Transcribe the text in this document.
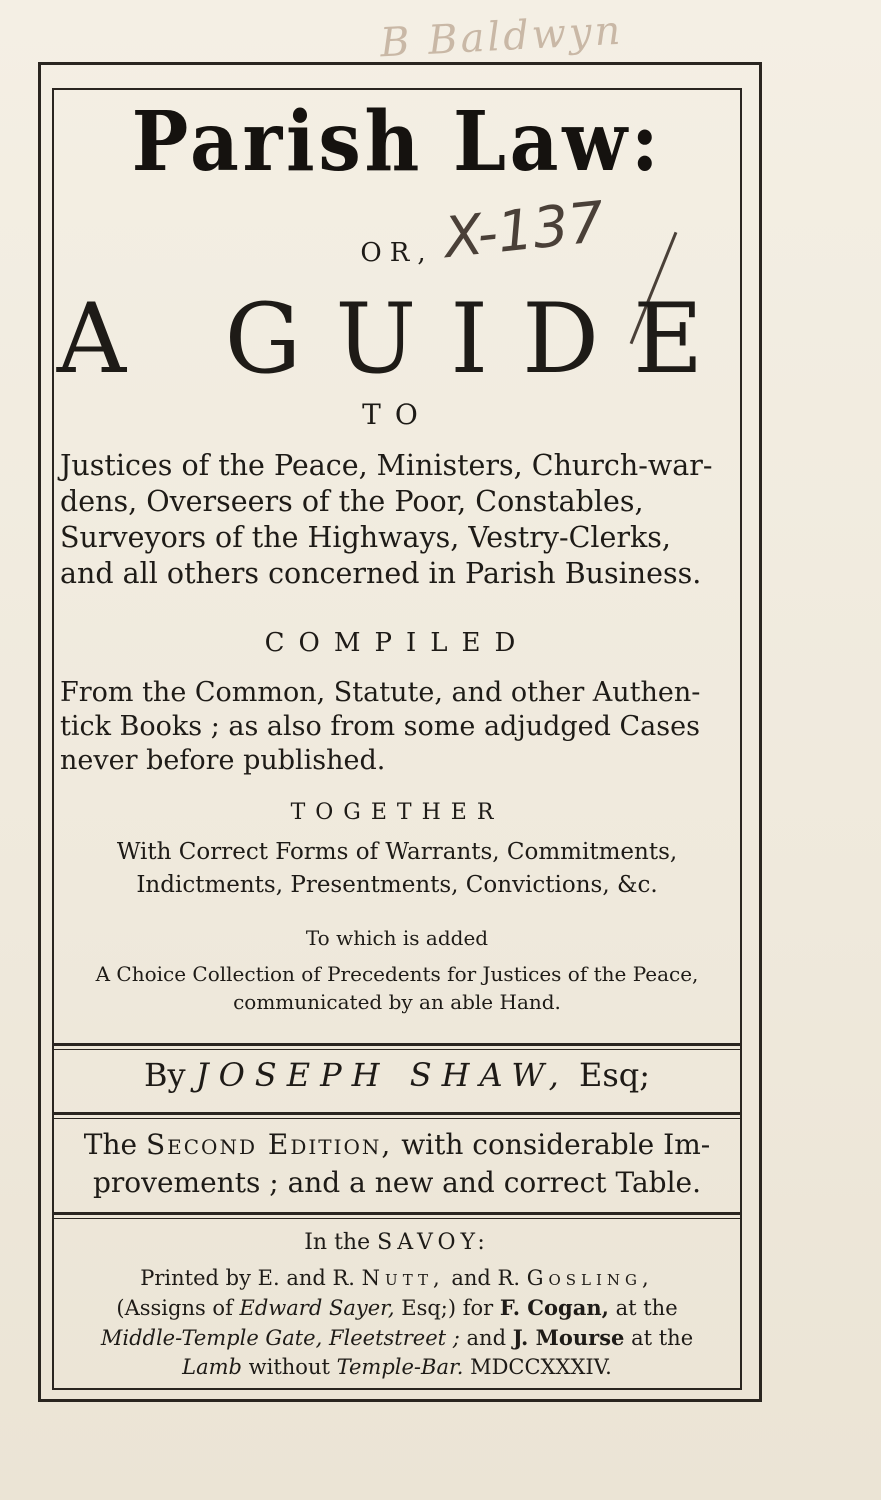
B Baldwyn
Parish Law:
OR, X-137
A GUIDE
TO
Justices of the Peace, Ministers, Church-war-
dens, Overseers of the Poor, Constables,
Surveyors of the Highways, Vestry-Clerks,
and all others concerned in Parish Business.
COMPILED
From the Common, Statute, and other Authen-
tick Books ; as also from some adjudged Cases
never before published.
TOGETHER
With Correct Forms of Warrants, Commitments,
Indictments, Presentments, Convictions, &c.
To which is added
A Choice Collection of Precedents for Justices of the Peace,
communicated by an able Hand.
By JOSEPH SHAW, Esq;
The Second Edition, with considerable Im-
provements ; and a new and correct Table.
In the SAVOY:
Printed by E. and R. Nutt, and R. Gosling,
(Assigns of Edward Sayer, Esq;) for F. Cogan, at the
Middle-Temple Gate, Fleetstreet ; and J. Mourse at the
Lamb without Temple-Bar. MDCCXXXIV.
